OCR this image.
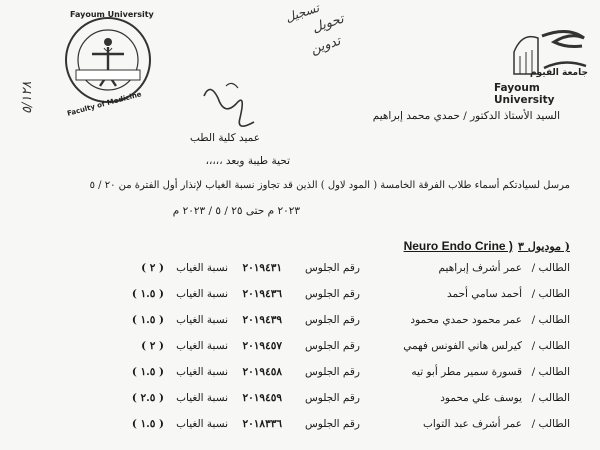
Fayoum University
Faculty of Medicine
جامعة الفيوم
Fayoum University
تسجيل
تحويل
تدوين
٥/١٢٨
السيد الأستاذ الدكتور / حمدي محمد إبراهيم
عميد كلية الطب
تحية طيبة وبعد ،،،،،
مرسل لسيادتكم أسماء طلاب الفرقة الخامسة ( المود لاول ) الذين قد تجاوز نسبة الغياب لإنذار أول الفترة من ٢٠ / ٥
٢٠٢٣ م حتى ٢٥ / ٥ / ٢٠٢٣ م
Neuro Endo Crine ) ( موديول ٣
الطالب /
عمر أشرف إبراهيم
رقم الجلوس
٢٠١٩٤٣١
نسبة الغياب
( ٢ )
الطالب /
أحمد سامي أحمد
رقم الجلوس
٢٠١٩٤٣٦
نسبة الغياب
( ١.٥ )
الطالب /
عمر محمود حمدي محمود
رقم الجلوس
٢٠١٩٤٣٩
نسبة الغياب
( ١.٥ )
الطالب /
كيرلس هاني الفونس فهمي
رقم الجلوس
٢٠١٩٤٥٧
نسبة الغياب
( ٢ )
الطالب /
قسورة سمير مطر أبو تيه
رقم الجلوس
٢٠١٩٤٥٨
نسبة الغياب
( ١.٥ )
الطالب /
يوسف علي محمود
رقم الجلوس
٢٠١٩٤٥٩
نسبة الغياب
( ٢.٥ )
الطالب /
عمر أشرف عبد التواب
رقم الجلوس
٢٠١٨٣٣٦
نسبة الغياب
( ١.٥ )
